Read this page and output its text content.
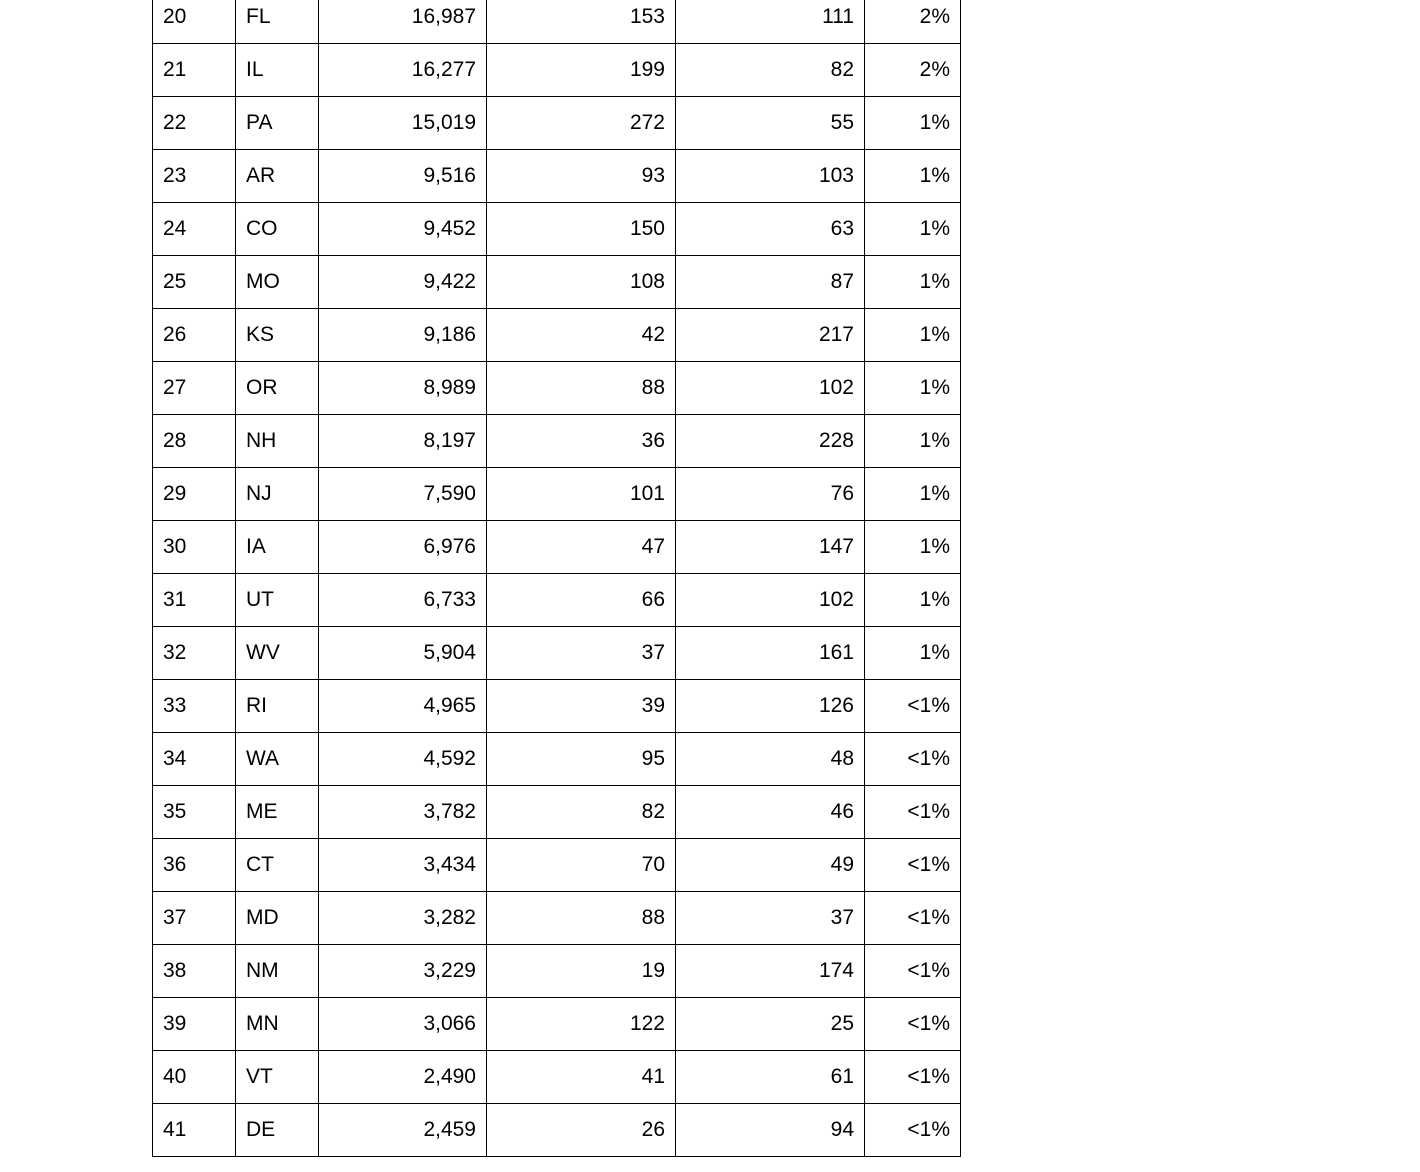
20	FL	16,987	153	111	2%
21	IL	16,277	199	82	2%
22	PA	15,019	272	55	1%
23	AR	9,516	93	103	1%
24	CO	9,452	150	63	1%
25	MO	9,422	108	87	1%
26	KS	9,186	42	217	1%
27	OR	8,989	88	102	1%
28	NH	8,197	36	228	1%
29	NJ	7,590	101	76	1%
30	IA	6,976	47	147	1%
31	UT	6,733	66	102	1%
32	WV	5,904	37	161	1%
33	RI	4,965	39	126	<1%
34	WA	4,592	95	48	<1%
35	ME	3,782	82	46	<1%
36	CT	3,434	70	49	<1%
37	MD	3,282	88	37	<1%
38	NM	3,229	19	174	<1%
39	MN	3,066	122	25	<1%
40	VT	2,490	41	61	<1%
41	DE	2,459	26	94	<1%
